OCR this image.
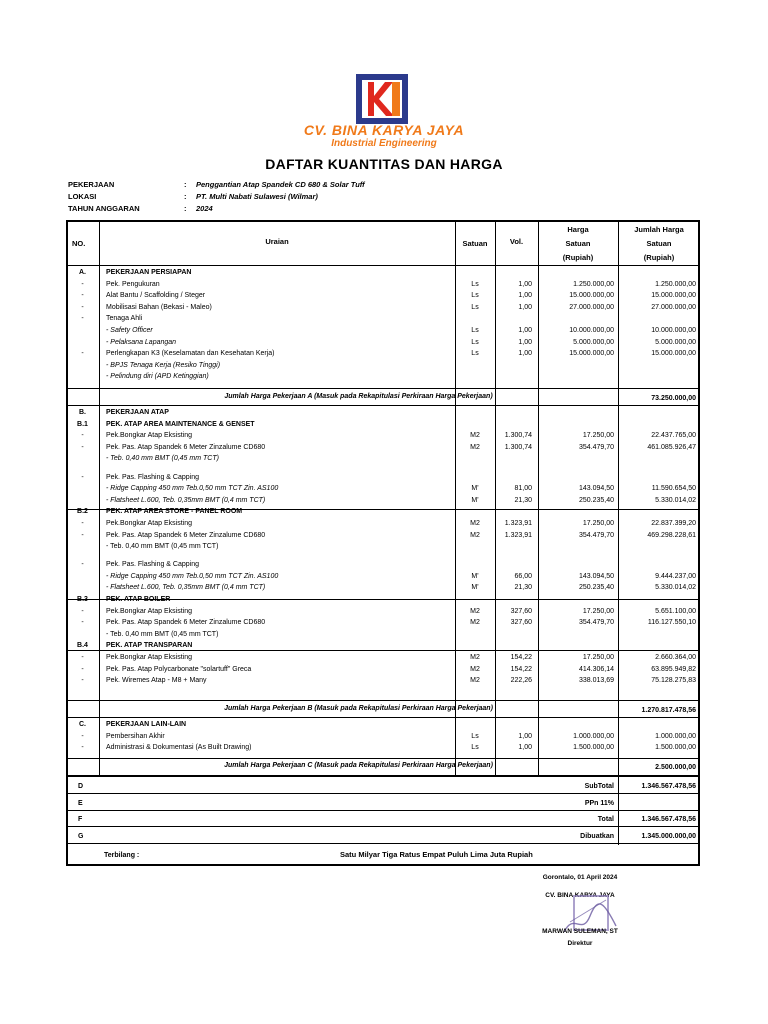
CV. BINA KARYA JAYA
Industrial Engineering
DAFTAR KUANTITAS DAN HARGA
PEKERJAAN	: Penggantian Atap Spandek CD 680 & Solar Tuff
LOKASI	: PT. Multi Nabati Sulawesi (Wilmar)
TAHUN ANGGARAN	: 2024
NO.	Uraian	Satuan	Vol.
Harga
Satuan
(Rupiah)
Jumlah Harga
Satuan
(Rupiah)
A.	PEKERJAAN PERSIAPAN
-	Pek. Pengukuran	Ls	1,00	1.250.000,00	1.250.000,00
-	Alat Bantu / Scaffolding / Steger	Ls	1,00	15.000.000,00	15.000.000,00
-	Mobilisasi Bahan (Bekasi - Maleo)	Ls	1,00	27.000.000,00	27.000.000,00
-	Tenaga Ahli
- Safety Officer	Ls	1,00	10.000.000,00	10.000.000,00
- Pelaksana Lapangan	Ls	1,00	5.000.000,00	5.000.000,00
-	Perlengkapan K3 (Keselamatan dan Kesehatan Kerja)	Ls	1,00	15.000.000,00	15.000.000,00
- BPJS Tenaga Kerja (Resiko Tinggi)
- Pelindung diri (APD Ketinggian)
Jumlah Harga Pekerjaan A (Masuk pada Rekapitulasi Perkiraan Harga Pekerjaan)	73.250.000,00
B.	PEKERJAAN ATAP
B.1	PEK. ATAP AREA MAINTENANCE & GENSET
-	Pek.Bongkar Atap Eksisting	M2	1.300,74	17.250,00	22.437.765,00
-	Pek. Pas. Atap Spandek 6 Meter Zinzalume CD680	M2	1.300,74	354.479,70	461.085.926,47
- Teb. 0,40 mm BMT (0,45 mm TCT)
-	Pek. Pas. Flashing & Capping
- Ridge Capping 450 mm Teb.0,50 mm TCT Zin. AS100	M'	81,00	143.094,50	11.590.654,50
- Flatsheet L.600, Teb. 0,35mm BMT (0,4 mm TCT)	M'	21,30	250.235,40	5.330.014,02
B.2	PEK. ATAP AREA STORE - PANEL ROOM
-	Pek.Bongkar Atap Eksisting	M2	1.323,91	17.250,00	22.837.399,20
-	Pek. Pas. Atap Spandek 6 Meter Zinzalume CD680	M2	1.323,91	354.479,70	469.298.228,61
- Teb. 0,40 mm BMT (0,45 mm TCT)
-	Pek. Pas. Flashing & Capping
- Ridge Capping 450 mm Teb.0,50 mm TCT Zin. AS100	M'	66,00	143.094,50	9.444.237,00
- Flatsheet L.600, Teb. 0,35mm BMT (0,4 mm TCT)	M'	21,30	250.235,40	5.330.014,02
B.3	PEK. ATAP BOILER
-	Pek.Bongkar Atap Eksisting	M2	327,60	17.250,00	5.651.100,00
-	Pek. Pas. Atap Spandek 6 Meter Zinzalume CD680	M2	327,60	354.479,70	116.127.550,10
- Teb. 0,40 mm BMT (0,45 mm TCT)
B.4	PEK. ATAP TRANSPARAN
-	Pek.Bongkar Atap Eksisting	M2	154,22	17.250,00	2.660.364,00
-	Pek. Pas. Atap Polycarbonate "solartuff" Greca	M2	154,22	414.306,14	63.895.949,82
-	Pek. Wiremes Atap - M8 + Many	M2	222,26	338.013,69	75.128.275,83
Jumlah Harga Pekerjaan B (Masuk pada Rekapitulasi Perkiraan Harga Pekerjaan)	1.270.817.478,56
C.	PEKERJAAN LAIN-LAIN
-	Pembersihan Akhir	Ls	1,00	1.000.000,00	1.000.000,00
-	Administrasi & Dokumentasi (As Built Drawing)	Ls	1,00	1.500.000,00	1.500.000,00
Jumlah Harga Pekerjaan C (Masuk pada Rekapitulasi Perkiraan Harga Pekerjaan)	2.500.000,00
D	SubTotal	1.346.567.478,56
E	PPn 11%
F	Total	1.346.567.478,56
G	Dibuatkan	1.345.000.000,00
Terbilang :	Satu Milyar Tiga Ratus Empat Puluh Lima Juta Rupiah
Gorontalo, 01 April 2024
CV. BINA KARYA JAYA
MARWAN SULEMAN, ST
Direktur
